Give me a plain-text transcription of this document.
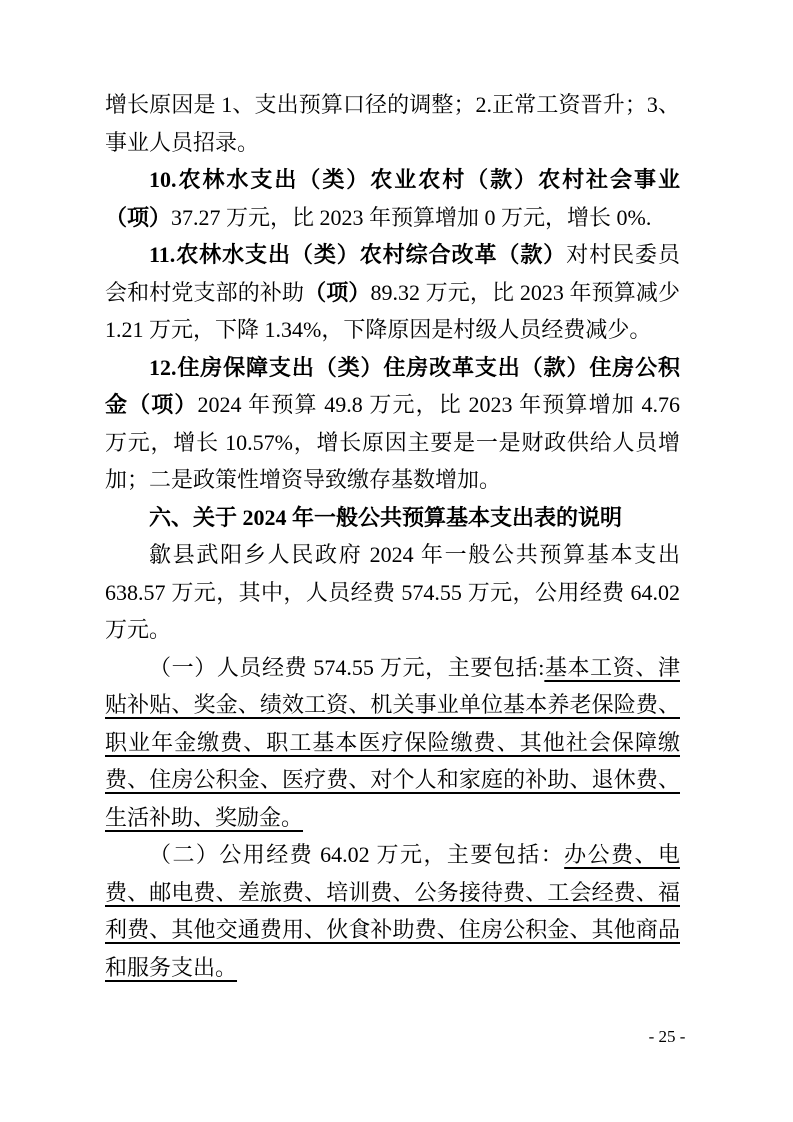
增长原因是 1、支出预算口径的调整；2.正常工资晋升；3、事业人员招录。

10.农林水支出（类）农业农村（款）农村社会事业（项）37.27 万元，比 2023 年预算增加 0 万元，增长 0%.

11.农林水支出（类）农村综合改革（款）对村民委员会和村党支部的补助（项）89.32 万元，比 2023 年预算减少 1.21 万元，下降 1.34%，下降原因是村级人员经费减少。

12.住房保障支出（类）住房改革支出（款）住房公积金（项）2024 年预算 49.8 万元，比 2023 年预算增加 4.76 万元，增长 10.57%，增长原因主要是一是财政供给人员增加；二是政策性增资导致缴存基数增加。

六、关于 2024 年一般公共预算基本支出表的说明

歙县武阳乡人民政府 2024 年一般公共预算基本支出 638.57 万元，其中，人员经费 574.55 万元，公用经费 64.02 万元。

（一）人员经费 574.55 万元，主要包括:基本工资、津贴补贴、奖金、绩效工资、机关事业单位基本养老保险费、职业年金缴费、职工基本医疗保险缴费、其他社会保障缴费、住房公积金、医疗费、对个人和家庭的补助、退休费、生活补助、奖励金。

（二）公用经费 64.02 万元，主要包括：办公费、电费、邮电费、差旅费、培训费、公务接待费、工会经费、福利费、其他交通费用、伙食补助费、住房公积金、其他商品和服务支出。

- 25 -
